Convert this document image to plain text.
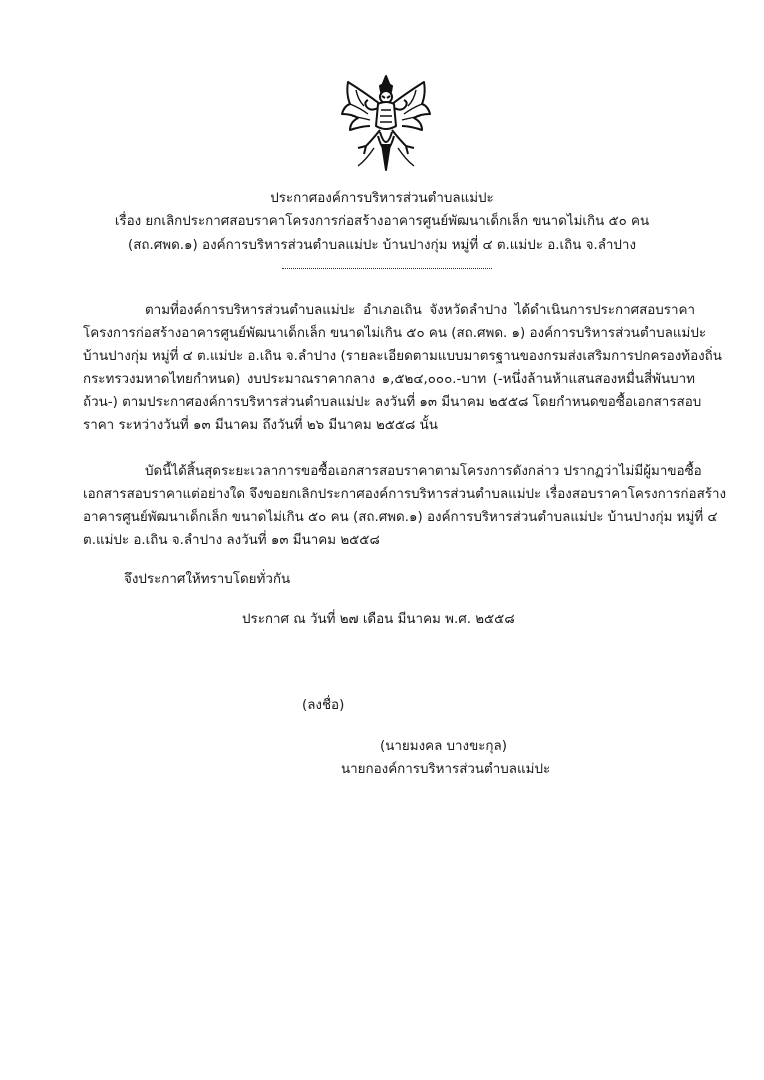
ประกาศองค์การบริหารส่วนตำบลแม่ปะ
เรื่อง ยกเลิกประกาศสอบราคาโครงการก่อสร้างอาคารศูนย์พัฒนาเด็กเล็ก ขนาดไม่เกิน ๕๐ คน
(สถ.ศพด.๑) องค์การบริหารส่วนตำบลแม่ปะ บ้านปางกุ่ม หมู่ที่ ๔ ต.แม่ปะ อ.เถิน จ.ลำปาง
ตามที่องค์การบริหารส่วนตำบลแม่ปะ อำเภอเถิน จังหวัดลำปาง ได้ดำเนินการประกาศสอบราคา
โครงการก่อสร้างอาคารศูนย์พัฒนาเด็กเล็ก ขนาดไม่เกิน ๕๐ คน (สถ.ศพด. ๑) องค์การบริหารส่วนตำบลแม่ปะ
บ้านปางกุ่ม หมู่ที่ ๔ ต.แม่ปะ อ.เถิน จ.ลำปาง (รายละเอียดตามแบบมาตรฐานของกรมส่งเสริมการปกครองท้องถิ่น
กระทรวงมหาดไทยกำหนด) งบประมาณราคากลาง ๑,๕๒๔,๐๐๐.-บาท (-หนึ่งล้านห้าแสนสองหมื่นสี่พันบาท
ถ้วน-) ตามประกาศองค์การบริหารส่วนตำบลแม่ปะ ลงวันที่ ๑๓ มีนาคม ๒๕๕๘ โดยกำหนดขอซื้อเอกสารสอบ
ราคา ระหว่างวันที่ ๑๓ มีนาคม ถึงวันที่ ๒๖ มีนาคม ๒๕๕๘ นั้น
บัดนี้ได้สิ้นสุดระยะเวลาการขอซื้อเอกสารสอบราคาตามโครงการดังกล่าว ปรากฏว่าไม่มีผู้มาขอซื้อ
เอกสารสอบราคาแต่อย่างใด จึงขอยกเลิกประกาศองค์การบริหารส่วนตำบลแม่ปะ เรื่องสอบราคาโครงการก่อสร้าง
อาคารศูนย์พัฒนาเด็กเล็ก ขนาดไม่เกิน ๕๐ คน (สถ.ศพด.๑) องค์การบริหารส่วนตำบลแม่ปะ บ้านปางกุ่ม หมู่ที่ ๔
ต.แม่ปะ อ.เถิน จ.ลำปาง ลงวันที่ ๑๓ มีนาคม ๒๕๕๘
จึงประกาศให้ทราบโดยทั่วกัน
ประกาศ ณ วันที่ ๒๗ เดือน มีนาคม พ.ศ. ๒๕๕๘
(ลงชื่อ)
(นายมงคล บางขะกุล)
นายกองค์การบริหารส่วนตำบลแม่ปะ
